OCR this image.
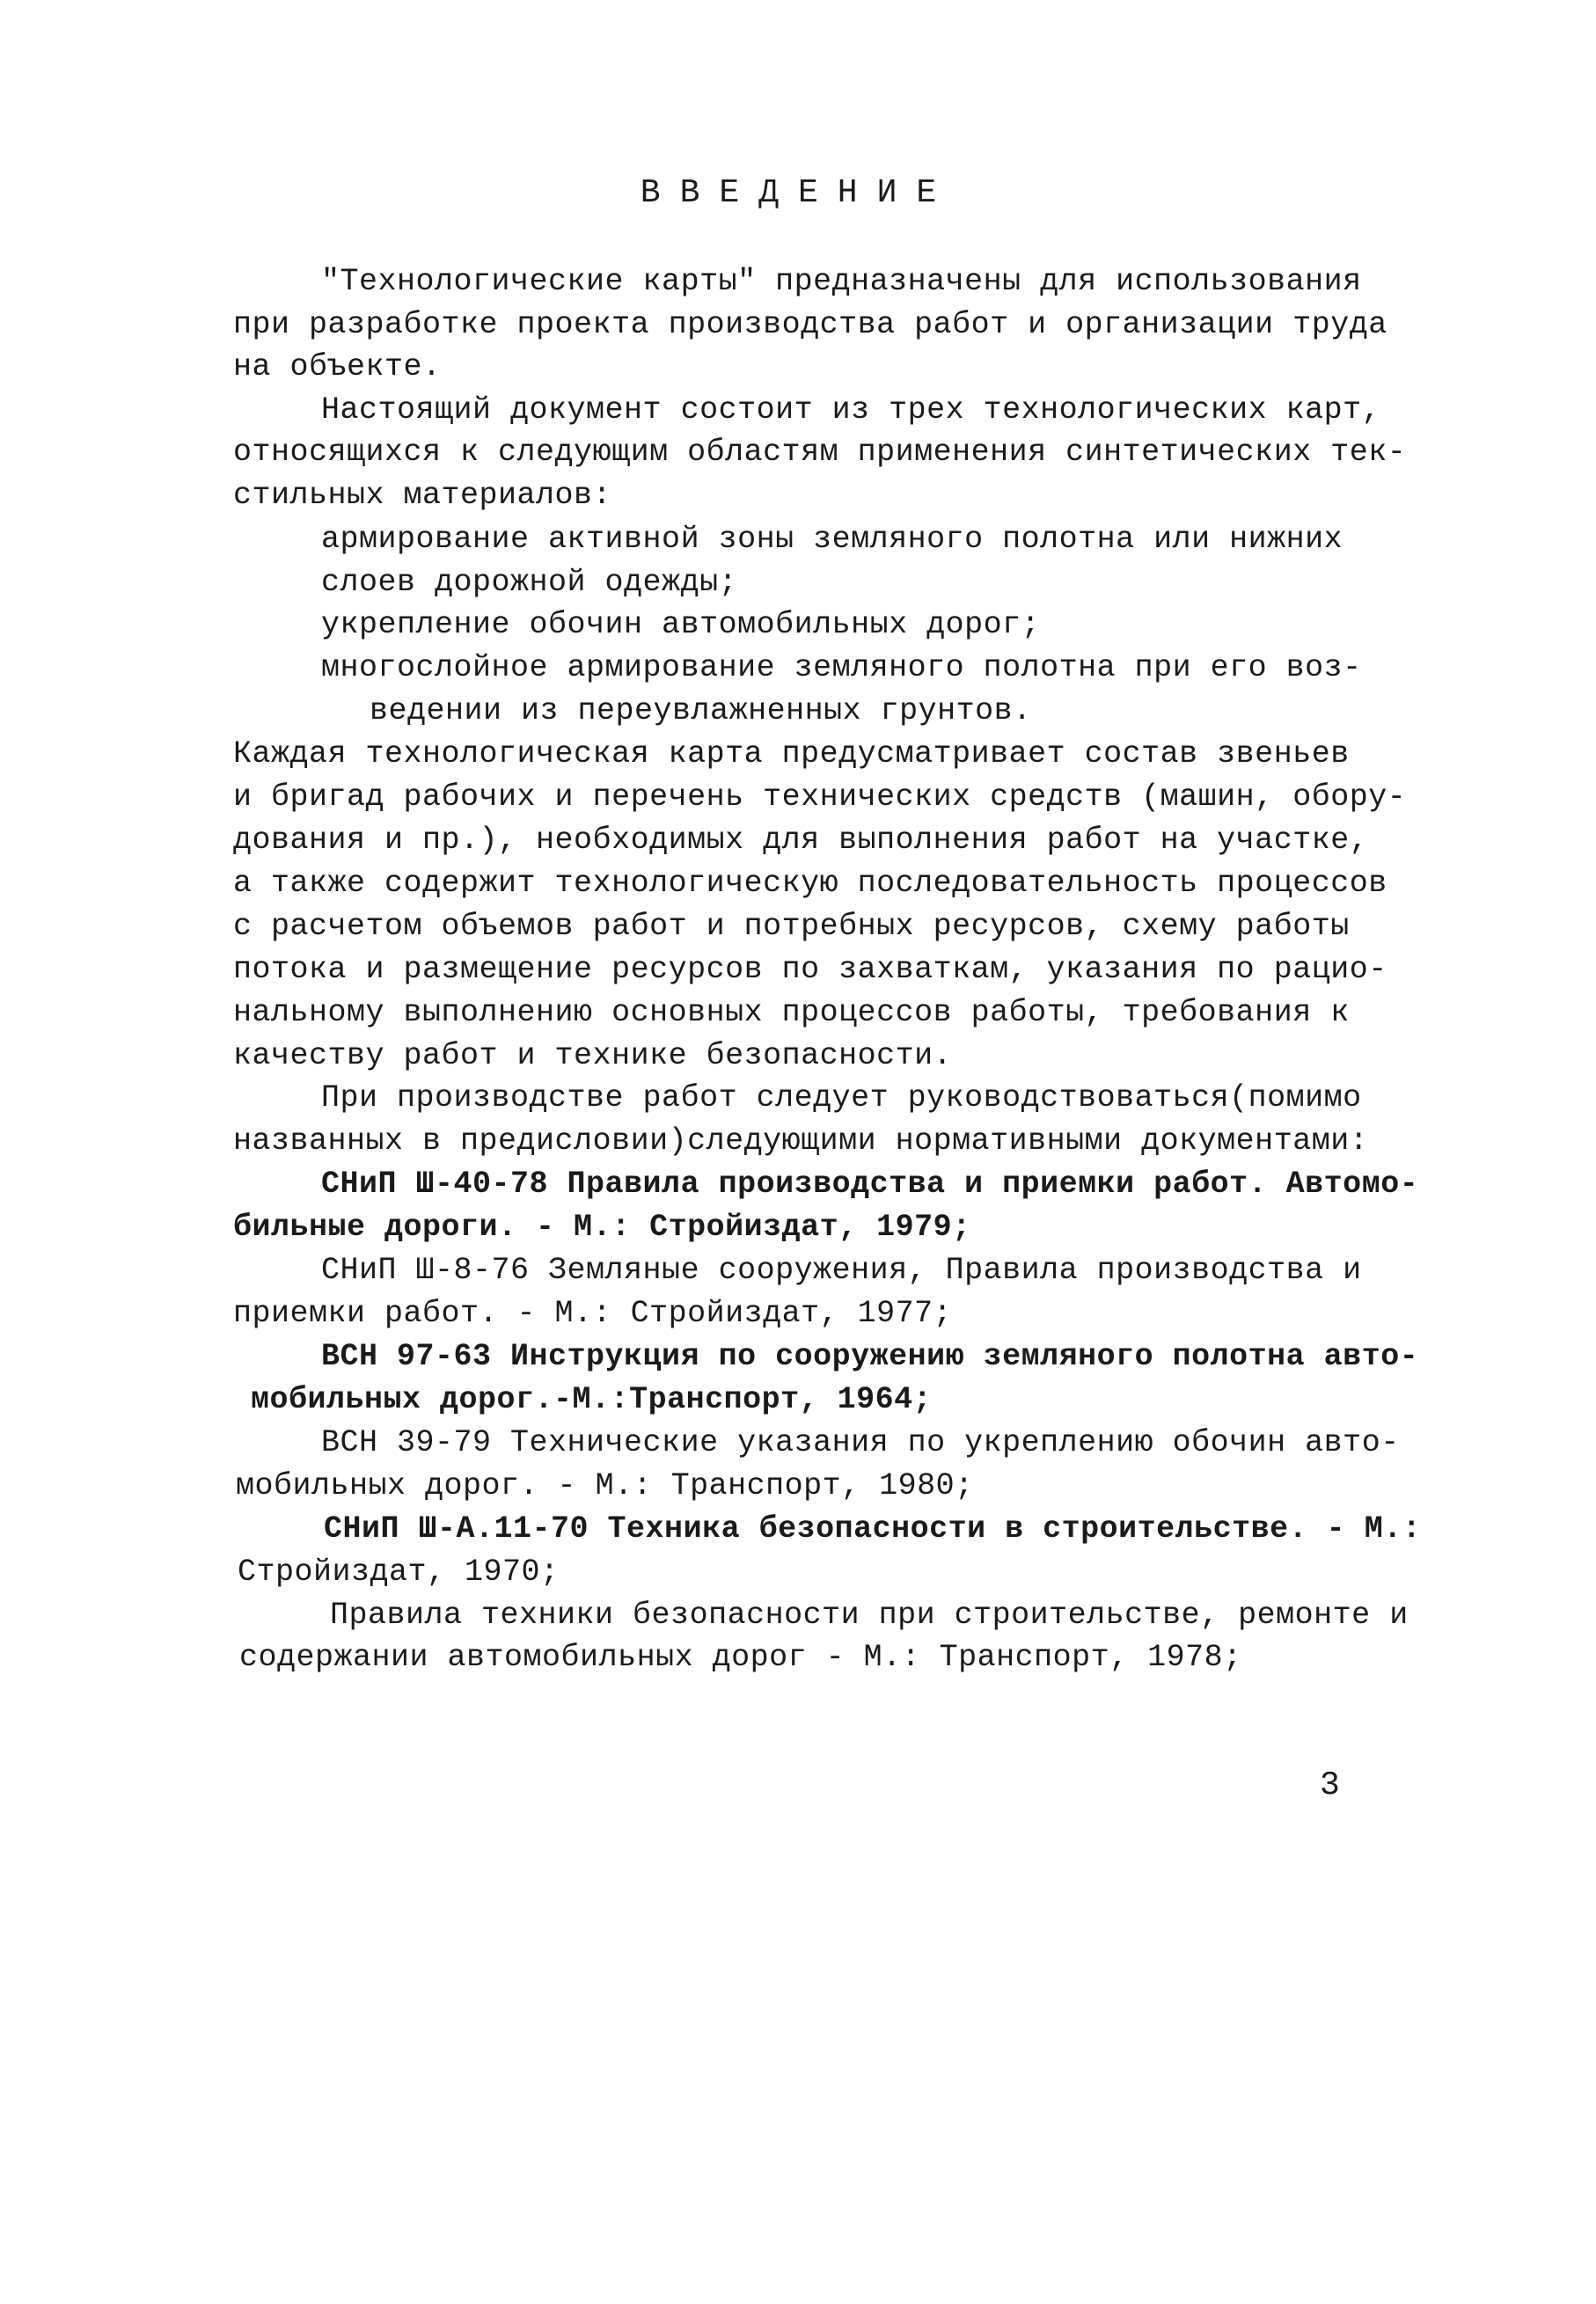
ВВЕДЕНИЕ
"Технологические карты" предназначены для использования
при разработке проекта производства работ и организации труда
на объекте.
Настоящий документ состоит из трех технологических карт,
относящихся к следующим областям применения синтетических тек-
стильных материалов:
армирование активной зоны земляного полотна или нижних
слоев дорожной одежды;
укрепление обочин автомобильных дорог;
многослойное армирование земляного полотна при его воз-
ведении из переувлажненных грунтов.
Каждая технологическая карта предусматривает состав звеньев
и бригад рабочих и перечень технических средств (машин, обору-
дования и пр.), необходимых для выполнения работ на участке,
а также содержит технологическую последовательность процессов
с расчетом объемов работ и потребных ресурсов, схему работы
потока и размещение ресурсов по захваткам, указания по рацио-
нальному выполнению основных процессов работы, требования к
качеству работ и технике безопасности.
При производстве работ следует руководствоваться(помимо
названных в предисловии)следующими нормативными документами:
СНиП Ш-40-78 Правила производства и приемки работ. Автомо-
бильные дороги. - М.: Стройиздат, 1979;
СНиП Ш-8-76 Земляные сооружения, Правила производства и
приемки работ. - М.: Стройиздат, 1977;
ВСН 97-63 Инструкция по сооружению земляного полотна авто-
мобильных дорог.-М.:Транспорт, 1964;
ВСН 39-79 Технические указания по укреплению обочин авто-
мобильных дорог. - М.: Транспорт, 1980;
СНиП Ш-А.11-70 Техника безопасности в строительстве. - М.:
Стройиздат, 1970;
Правила техники безопасности при строительстве, ремонте и
содержании автомобильных дорог - М.: Транспорт, 1978;
3
